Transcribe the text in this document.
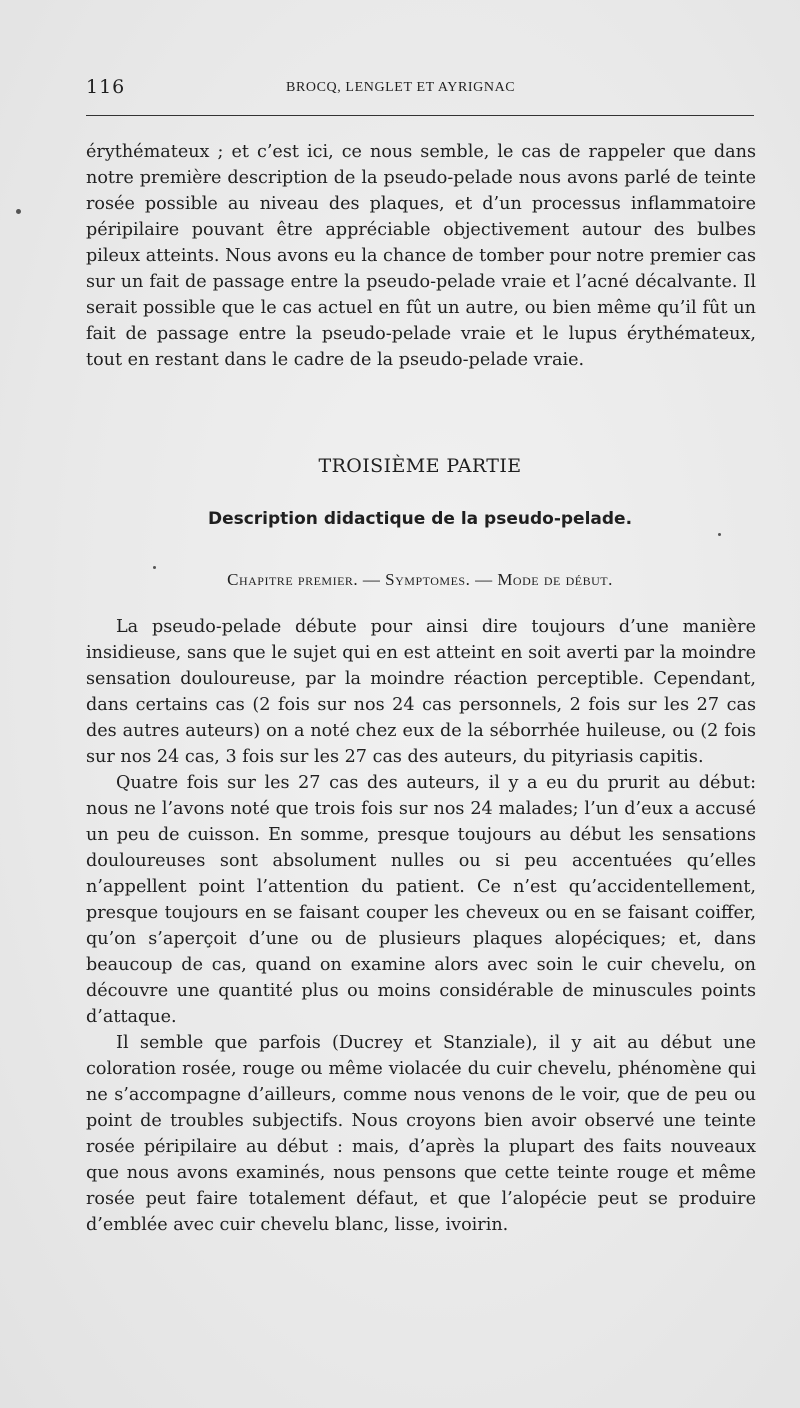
116	BROCQ, LENGLET ET AYRIGNAC

érythémateux ; et c’est ici, ce nous semble, le cas de rappeler que dans notre première description de la pseudo-pelade nous avons parlé de teinte rosée possible au niveau des plaques, et d’un processus inflammatoire péripilaire pouvant être appréciable objectivement autour des bulbes pileux atteints. Nous avons eu la chance de tomber pour notre premier cas sur un fait de passage entre la pseudo-pelade vraie et l’acné décalvante. Il serait possible que le cas actuel en fût un autre, ou bien même qu’il fût un fait de passage entre la pseudo-pelade vraie et le lupus érythémateux, tout en restant dans le cadre de la pseudo-pelade vraie.

TROISIÈME PARTIE
Description didactique de la pseudo-pelade.
Chapitre premier. — Symptomes. — Mode de début.

La pseudo-pelade débute pour ainsi dire toujours d’une manière insidieuse, sans que le sujet qui en est atteint en soit averti par la moindre sensation douloureuse, par la moindre réaction perceptible. Cependant, dans certains cas (2 fois sur nos 24 cas personnels, 2 fois sur les 27 cas des autres auteurs) on a noté chez eux de la séborrhée huileuse, ou (2 fois sur nos 24 cas, 3 fois sur les 27 cas des auteurs, du pityriasis capitis.

Quatre fois sur les 27 cas des auteurs, il y a eu du prurit au début: nous ne l’avons noté que trois fois sur nos 24 malades; l’un d’eux a accusé un peu de cuisson. En somme, presque toujours au début les sensations douloureuses sont absolument nulles ou si peu accentuées qu’elles n’appellent point l’attention du patient. Ce n’est qu’accidentellement, presque toujours en se faisant couper les cheveux ou en se faisant coiffer, qu’on s’aperçoit d’une ou de plusieurs plaques alopéciques; et, dans beaucoup de cas, quand on examine alors avec soin le cuir chevelu, on découvre une quantité plus ou moins considérable de minuscules points d’attaque.

Il semble que parfois (Ducrey et Stanziale), il y ait au début une coloration rosée, rouge ou même violacée du cuir chevelu, phénomène qui ne s’accompagne d’ailleurs, comme nous venons de le voir, que de peu ou point de troubles subjectifs. Nous croyons bien avoir observé une teinte rosée péripilaire au début : mais, d’après la plupart des faits nouveaux que nous avons examinés, nous pensons que cette teinte rouge et même rosée peut faire totalement défaut, et que l’alopécie peut se produire d’emblée avec cuir chevelu blanc, lisse, ivoirin.
